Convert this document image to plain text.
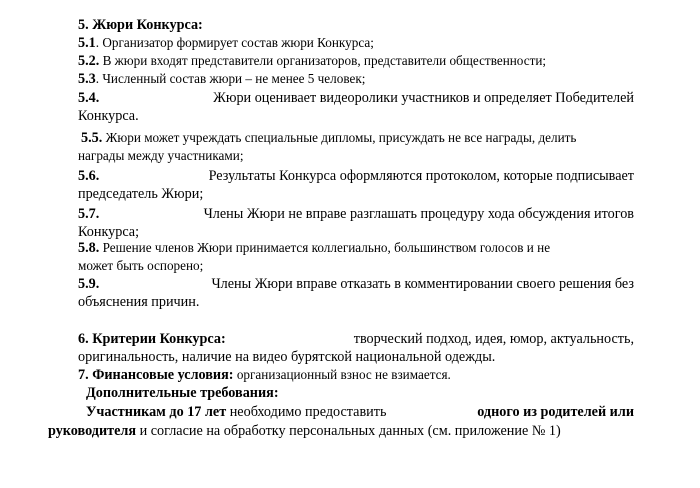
5. Жюри Конкурса:
5.1. Организатор формирует состав жюри Конкурса;
5.2. В жюри входят представители организаторов, представители общественности;
5.3. Численный состав жюри – не менее 5 человек;
5.4.	Жюри оценивает видеоролики участников и определяет Победителей
Конкурса.
5.5. Жюри может учреждать специальные дипломы, присуждать не все награды, делить
награды между участниками;
5.6.	Результаты Конкурса оформляются протоколом, которые подписывает
председатель Жюри;
5.7.	Члены Жюри не вправе разглашать процедуру хода обсуждения итогов
Конкурса;
5.8. Решение членов Жюри принимается коллегиально, большинством голосов и не
может быть оспорено;
5.9.	Члены Жюри вправе отказать в комментировании своего решения без
объяснения причин.
6. Критерии Конкурса:	творческий подход, идея, юмор, актуальность,
оригинальность, наличие на видео бурятской национальной одежды.
7. Финансовые условия: организационный взнос не взимается.
Дополнительные требования:
Участникам до 17 лет необходимо предоставить	одного из родителей или
руководителя и согласие на обработку персональных данных (см. приложение № 1)
